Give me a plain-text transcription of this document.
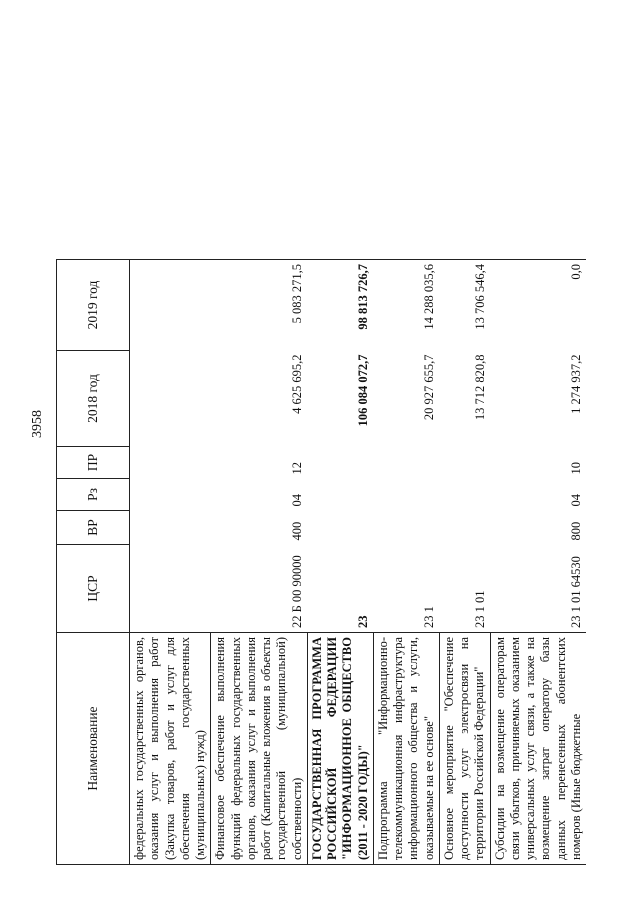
3958
Наименование	ЦСР	ВР	Рз	ПР	2018 год	2019 год	
федеральных государственных органов, оказания услуг и выполнения работ (Закупка товаров, работ и услуг для обеспечения государственных (муниципальных) нужд)							
Финансовое обеспечение выполнения функций федеральных государственных органов, оказания услуг и выполнения работ (Капитальные вложения в объекты государственной (муниципальной) собственности)	22 Б 00 90000	400	04	12	4 625 695,2	5 083 271,5	
ГОСУДАРСТВЕННАЯ ПРОГРАММА РОССИЙСКОЙ ФЕДЕРАЦИИ "ИНФОРМАЦИОННОЕ ОБЩЕСТВО (2011 - 2020 ГОДЫ)"	23				106 084 072,7	98 813 726,7	
Подпрограмма "Информационно-телекоммуникационная инфраструктура информационного общества и услуги, оказываемые на ее основе"	23 1				20 927 655,7	14 288 035,6	
Основное мероприятие "Обеспечение доступности услуг электросвязи на территории Российской Федерации"	23 1 01				13 712 820,8	13 706 546,4	
Субсидии на возмещение операторам связи убытков, причиняемых оказанием универсальных услуг связи, а также на возмещение затрат оператору базы данных перенесенных абонентских номеров (Иные бюджетные	23 1 01 64530	800	04	10	1 274 937,2	0,0	
